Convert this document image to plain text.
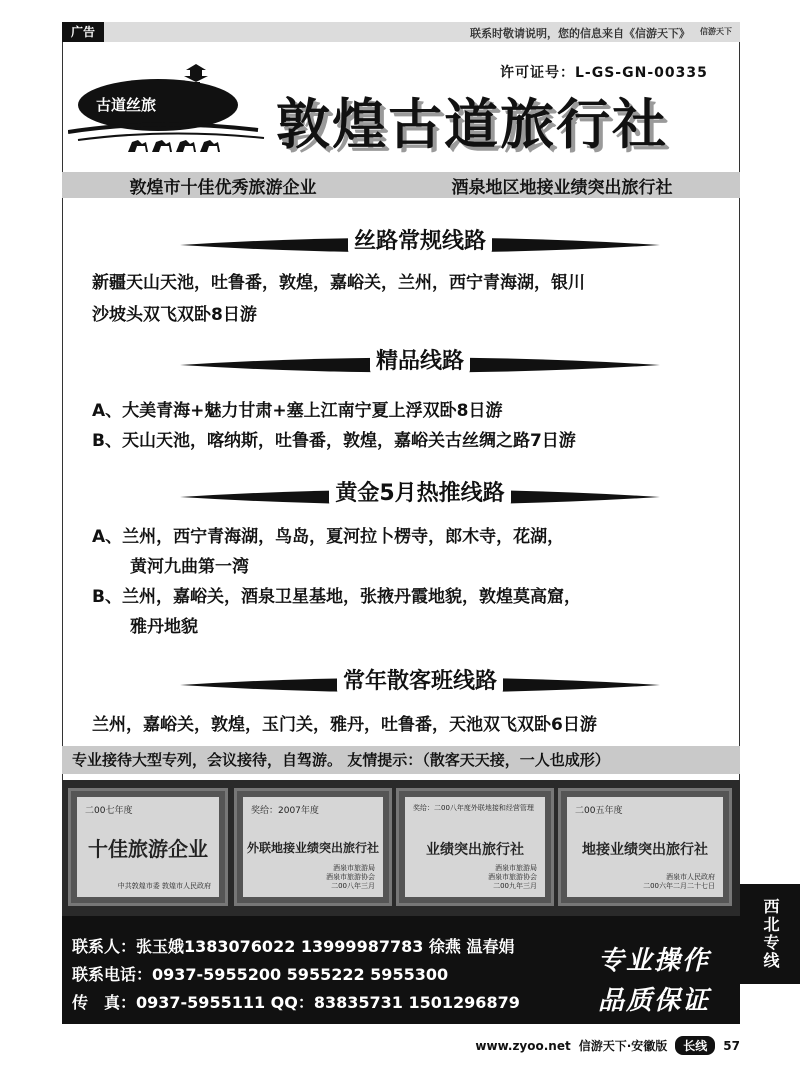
广告	联系时敬请说明，您的信息来自《信游天下》	信游天下
古道丝旅
许可证号：L-GS-GN-00335
敦煌古道旅行社
敦煌市十佳优秀旅游企业	酒泉地区地接业绩突出旅行社
丝路常规线路
新疆天山天池，吐鲁番，敦煌，嘉峪关，兰州，西宁青海湖，银川
沙坡头双飞双卧8日游
精品线路
A、大美青海+魅力甘肃+塞上江南宁夏上浮双卧8日游
B、天山天池，喀纳斯，吐鲁番，敦煌，嘉峪关古丝绸之路7日游
黄金5月热推线路
A、兰州，西宁青海湖，鸟岛，夏河拉卜楞寺，郎木寺，花湖，
黄河九曲第一湾
B、兰州，嘉峪关，酒泉卫星基地，张掖丹霞地貌，敦煌莫高窟，
雅丹地貌
常年散客班线路
兰州，嘉峪关，敦煌，玉门关，雅丹，吐鲁番，天池双飞双卧6日游
专业接待大型专列，会议接待，自驾游。 友情提示：（散客天天接，一人也成形）
二00七年度
十佳旅游企业
中共敦煌市委 敦煌市人民政府
奖给：2007年度
外联地接业绩突出旅行社
酒泉市旅游局
酒泉市旅游协会
二00八年三月
奖给：二00八年度外联地接和经营管理
业绩突出旅行社
酒泉市旅游局
酒泉市旅游协会
二00九年三月
二00五年度
地接业绩突出旅行社
酒泉市人民政府
二00六年二月二十七日
西北专线
联系人：张玉娥1383076022 13999987783 徐燕 温春娟
联系电话：0937-5955200 5955222 5955300
传　真：0937-5955111 QQ：83835731 1501296879
专业操作
品质保证
www.zyoo.net 信游天下·安徽版	长线	57
